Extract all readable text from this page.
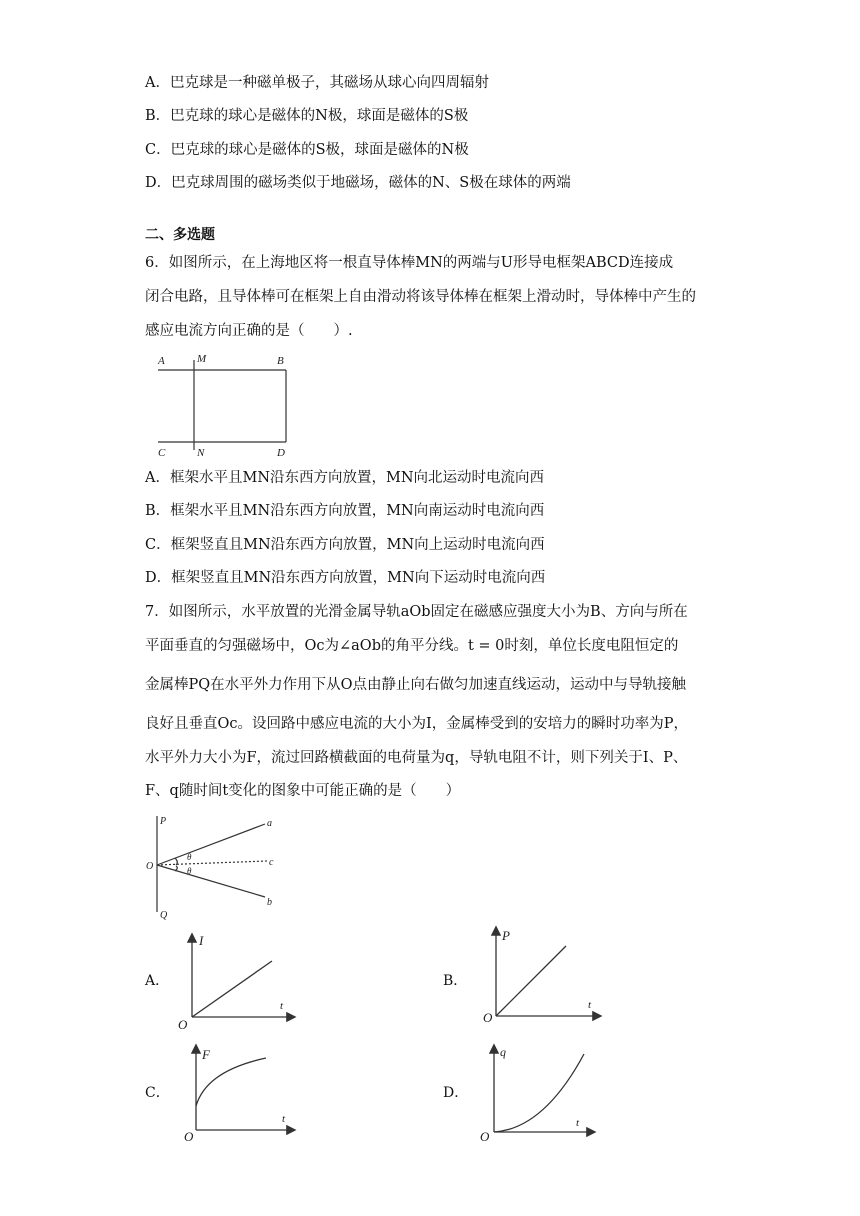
A．巴克球是一种磁单极子，其磁场从球心向四周辐射
B．巴克球的球心是磁体的N极，球面是磁体的S极
C．巴克球的球心是磁体的S极，球面是磁体的N极
D．巴克球周围的磁场类似于地磁场，磁体的N、S极在球体的两端
二、多选题
6．如图所示，在上海地区将一根直导体棒MN的两端与U形导电框架ABCD连接成
闭合电路，且导体棒可在框架上自由滑动将该导体棒在框架上滑动时，导体棒中产生的
感应电流方向正确的是（　　）.
A	M	B
C	N	D
A．框架水平且MN沿东西方向放置，MN向北运动时电流向西
B．框架水平且MN沿东西方向放置，MN向南运动时电流向西
C．框架竖直且MN沿东西方向放置，MN向上运动时电流向西
D．框架竖直且MN沿东西方向放置，MN向下运动时电流向西
7．如图所示，水平放置的光滑金属导轨aOb固定在磁感应强度大小为B、方向与所在
平面垂直的匀强磁场中，Oc为∠aOb的角平分线。t = 0时刻，单位长度电阻恒定的
金属棒PQ在水平外力作用下从O点由静止向右做匀加速直线运动，运动中与导轨接触
良好且垂直Oc。设回路中感应电流的大小为I，金属棒受到的安培力的瞬时功率为P，
水平外力大小为F，流过回路横截面的电荷量为q，导轨电阻不计，则下列关于I、P、
F、q随时间t变化的图象中可能正确的是（　　）
P
O
Q
a
c
b
θ
θ
A．
I
t
O
B．
P
t
O
C．
F
t
O
D．
q
t
O
